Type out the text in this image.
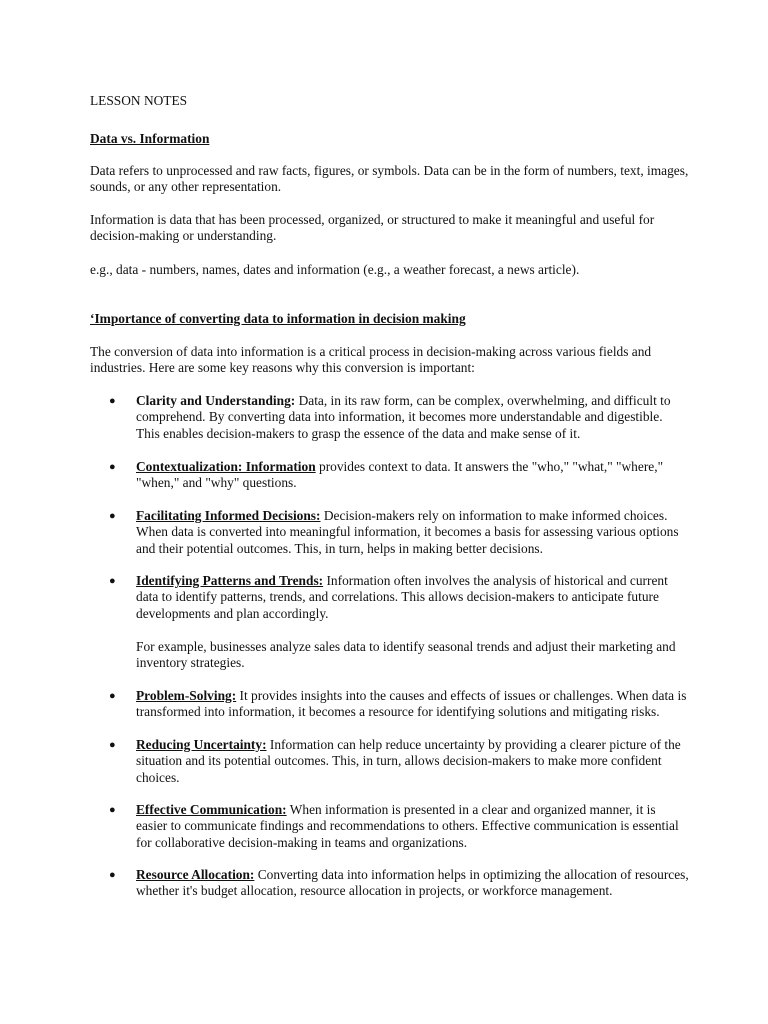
LESSON NOTES
Data vs. Information

Data refers to unprocessed and raw facts, figures, or symbols. Data can be in the form of numbers, text, images, sounds, or any other representation.

Information is data that has been processed, organized, or structured to make it meaningful and useful for decision-making or understanding.

e.g., data - numbers, names, dates and information (e.g., a weather forecast, a news article).

‘Importance of converting data to information in decision making

The conversion of data into information is a critical process in decision-making across various fields and industries. Here are some key reasons why this conversion is important:

●	Clarity and Understanding: Data, in its raw form, can be complex, overwhelming, and difficult to comprehend. By converting data into information, it becomes more understandable and digestible. This enables decision-makers to grasp the essence of the data and make sense of it.
●	Contextualization: Information provides context to data. It answers the "who," "what," "where," "when," and "why" questions.
●	Facilitating Informed Decisions: Decision-makers rely on information to make informed choices. When data is converted into meaningful information, it becomes a basis for assessing various options and their potential outcomes. This, in turn, helps in making better decisions.
●	Identifying Patterns and Trends: Information often involves the analysis of historical and current data to identify patterns, trends, and correlations. This allows decision-makers to anticipate future developments and plan accordingly.

For example, businesses analyze sales data to identify seasonal trends and adjust their marketing and inventory strategies.

●	Problem-Solving: It provides insights into the causes and effects of issues or challenges. When data is transformed into information, it becomes a resource for identifying solutions and mitigating risks.
●	Reducing Uncertainty: Information can help reduce uncertainty by providing a clearer picture of the situation and its potential outcomes. This, in turn, allows decision-makers to make more confident choices.
●	Effective Communication: When information is presented in a clear and organized manner, it is easier to communicate findings and recommendations to others. Effective communication is essential for collaborative decision-making in teams and organizations.
●	Resource Allocation: Converting data into information helps in optimizing the allocation of resources, whether it's budget allocation, resource allocation in projects, or workforce management.
